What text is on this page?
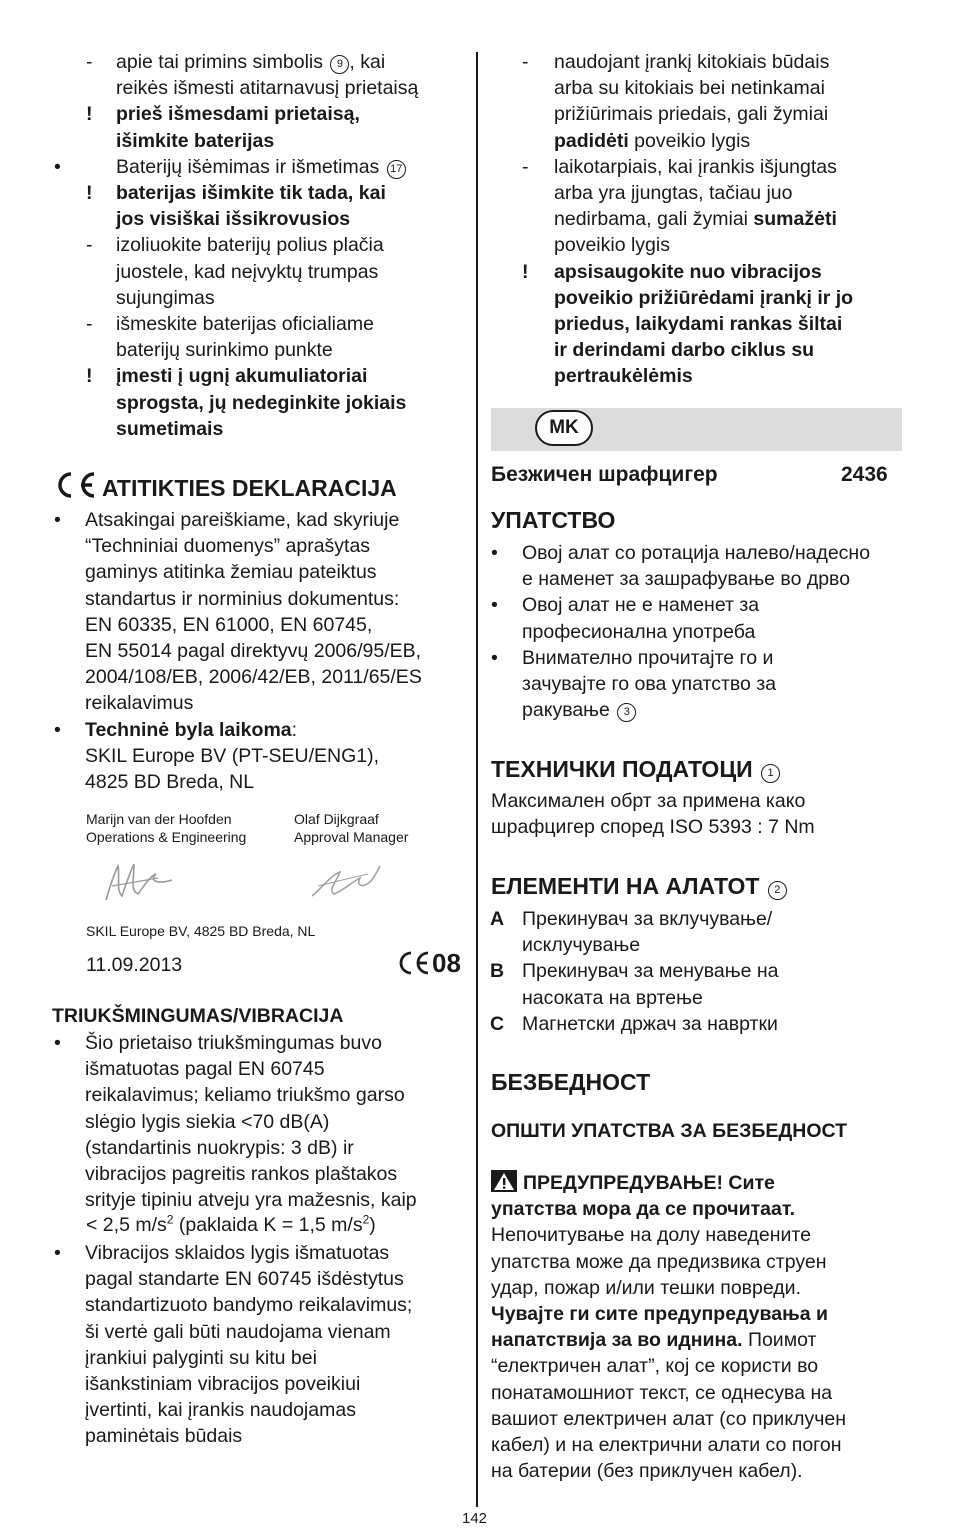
- apie tai primins simbolis 9 , kai
reikės išmesti atitarnavusį prietaisą
! prieš išmesdami prietaisą,
išimkite baterijas
•	Baterijų išėmimas ir išmetimas 17
! baterijas išimkite tik tada, kai
jos visiškai išsikrovusios
- izoliuokite baterijų polius plačia
juostele, kad neįvyktų trumpas
sujungimas
- išmeskite baterijas oficialiame
baterijų surinkimo punkte
! įmesti į ugnį akumuliatoriai
sprogsta, jų nedeginkite jokiais
sumetimais
ATITIKTIES DEKLARACIJA
• Atsakingai pareiškiame, kad skyriuje
“Techniniai duomenys” aprašytas
gaminys atitinka žemiau pateiktus
standartus ir norminius dokumentus:
EN 60335, EN 61000, EN 60745,
EN 55014 pagal direktyvų 2006/95/EB,
2004/108/EB, 2006/42/EB, 2011/65/ES
reikalavimus
• Techninė byla laikoma:
SKIL Europe BV (PT-SEU/ENG1),
4825 BD Breda, NL
Marijn van der Hoofden
Operations & Engineering
Olaf Dijkgraaf
Approval Manager
SKIL Europe BV, 4825 BD Breda, NL
11.09.2013	08
TRIUKŠMINGUMAS/VIBRACIJA
• Šio prietaiso triukšmingumas buvo
išmatuotas pagal EN 60745
reikalavimus; keliamo triukšmo garso
slėgio lygis siekia <70 dB(A)
(standartinis nuokrypis: 3 dB) ir
vibracijos pagreitis rankos plaštakos
srityje tipiniu atveju yra mažesnis, kaip
< 2,5 $m/s^2$ (paklaida K = 1,5 $m/s^2$)
• Vibracijos sklaidos lygis išmatuotas
pagal standarte EN 60745 išdėstytus
standartizuoto bandymo reikalavimus;
ši vertė gali būti naudojama vienam
įrankiui palyginti su kitu bei
išankstiniam vibracijos poveikiui
įvertinti, kai įrankis naudojamas
paminėtais būdais
- naudojant įrankį kitokiais būdais
arba su kitokiais bei netinkamai
prižiūrimais priedais, gali žymiai
padidėti poveikio lygis
- laikotarpiais, kai įrankis išjungtas
arba yra įjungtas, tačiau juo
nedirbama, gali žymiai sumažėti
poveikio lygis
! apsisaugokite nuo vibracijos
poveikio prižiūrėdami įrankį ir jo
priedus, laikydami rankas šiltai
ir derindami darbo ciklus su
pertraukėlėmis
MK
Безжичен шрафцигер	2436
УПАТСТВО
• Овој алат со ротација налево/надесно
е наменет за зашрафување во дрво
• Овој алат не е наменет за
професионална употреба
• Внимателно прочитајте го и
зачувајте го ова упатство за
ракување 3
ТЕХНИЧКИ ПОДАТОЦИ 1
Максимален обрт за примена како
шрафцигер според ISO 5393 : 7 Nm
ЕЛЕМЕНТИ НА АЛАТОТ 2
A Прекинувач за вклучување/
исклучување
B Прекинувач за менување на
насоката на вртење
C Магнетски држач за навртки
БЕЗБЕДНОСТ
ОПШТИ УПАТСТВА ЗА БЕЗБЕДНОСТ
ПРЕДУПРЕДУВАЊЕ! Сите
упатства мора да се прочитаат.
Непочитување на долу наведените
упатства може да предизвика струен
удар, пожар и/или тешки повреди.
Чувајте ги сите предупредувања и
напатствија за во иднина. Поимот
“електричен алат”, кој се користи во
понатамошниот текст, се однесува на
вашиот електричен алат (со приклучен
кабел) и на електрични алати со погон
на батерии (без приклучен кабел).
142
